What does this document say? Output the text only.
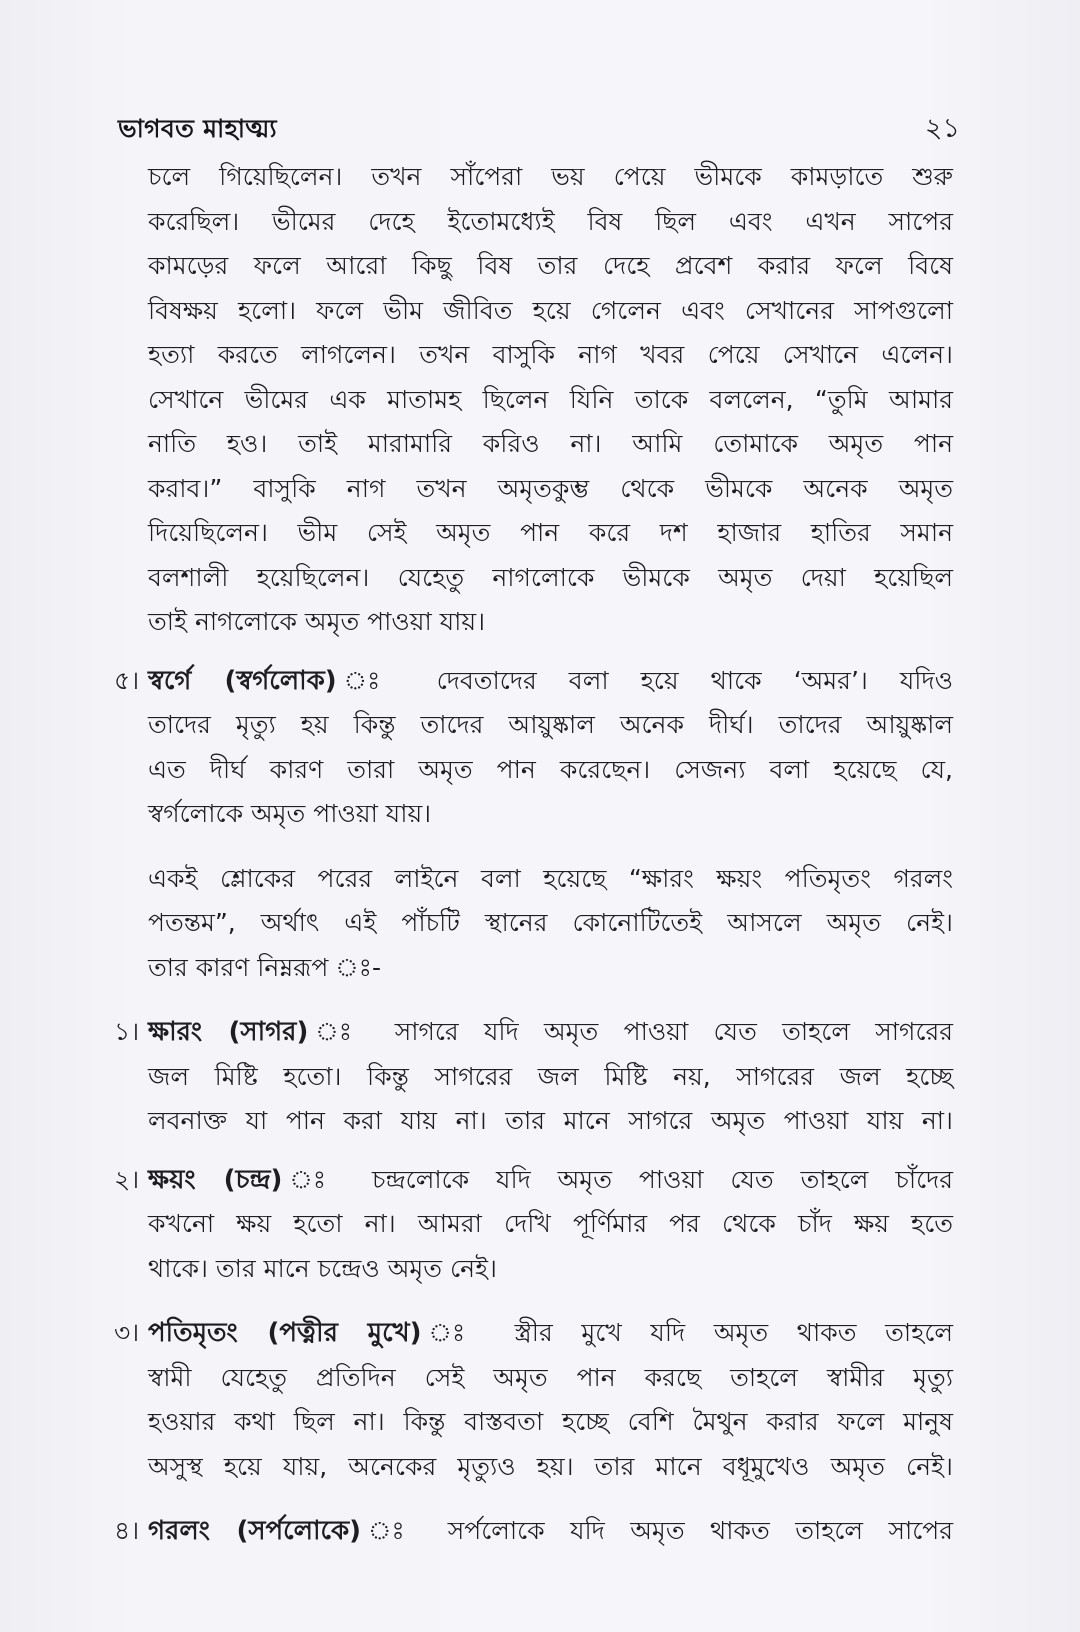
ভাগবত মাহাত্ম্য	২১
চলে গিয়েছিলেন। তখন সাঁপেরা ভয় পেয়ে ভীমকে কামড়াতে শুরু
করেছিল। ভীমের দেহে ইতোমধ্যেই বিষ ছিল এবং এখন সাপের
কামড়ের ফলে আরো কিছু বিষ তার দেহে প্রবেশ করার ফলে বিষে
বিষক্ষয় হলো। ফলে ভীম জীবিত হয়ে গেলেন এবং সেখানের সাপগুলো
হত্যা করতে লাগলেন। তখন বাসুকি নাগ খবর পেয়ে সেখানে এলেন।
সেখানে ভীমের এক মাতামহ ছিলেন যিনি তাকে বললেন, “তুমি আমার
নাতি হও। তাই মারামারি করিও না। আমি তোমাকে অমৃত পান
করাব।” বাসুকি নাগ তখন অমৃতকুম্ভ থেকে ভীমকে অনেক অমৃত
দিয়েছিলেন। ভীম সেই অমৃত পান করে দশ হাজার হাতির সমান
বলশালী হয়েছিলেন। যেহেতু নাগলোকে ভীমকে অমৃত দেয়া হয়েছিল
তাই নাগলোকে অমৃত পাওয়া যায়।
৫। স্বর্গে (স্বর্গলোক) ঃ দেবতাদের বলা হয়ে থাকে ‘অমর’। যদিও
তাদের মৃত্যু হয় কিন্তু তাদের আয়ুষ্কাল অনেক দীর্ঘ। তাদের আয়ুষ্কাল
এত দীর্ঘ কারণ তারা অমৃত পান করেছেন। সেজন্য বলা হয়েছে যে,
স্বর্গলোকে অমৃত পাওয়া যায়।
একই শ্লোকের পরের লাইনে বলা হয়েছে “ক্ষারং ক্ষয়ং পতিমৃতং গরলং
পতন্তম”, অর্থাৎ এই পাঁচটি স্থানের কোনোটিতেই আসলে অমৃত নেই।
তার কারণ নিম্নরূপ ঃ-
১। ক্ষারং (সাগর) ঃ সাগরে যদি অমৃত পাওয়া যেত তাহলে সাগরের
জল মিষ্টি হতো। কিন্তু সাগরের জল মিষ্টি নয়, সাগরের জল হচ্ছে
লবনাক্ত যা পান করা যায় না। তার মানে সাগরে অমৃত পাওয়া যায় না।
২। ক্ষয়ং (চন্দ্র) ঃ চন্দ্রলোকে যদি অমৃত পাওয়া যেত তাহলে চাঁদের
কখনো ক্ষয় হতো না। আমরা দেখি পূর্ণিমার পর থেকে চাঁদ ক্ষয় হতে
থাকে। তার মানে চন্দ্রেও অমৃত নেই।
৩। পতিমৃতং (পত্নীর মুখে) ঃ স্ত্রীর মুখে যদি অমৃত থাকত তাহলে
স্বামী যেহেতু প্রতিদিন সেই অমৃত পান করছে তাহলে স্বামীর মৃত্যু
হওয়ার কথা ছিল না। কিন্তু বাস্তবতা হচ্ছে বেশি মৈথুন করার ফলে মানুষ
অসুস্থ হয়ে যায়, অনেকের মৃত্যুও হয়। তার মানে বধূমুখেও অমৃত নেই।
৪। গরলং (সর্পলোকে) ঃ সর্পলোকে যদি অমৃত থাকত তাহলে সাপের
